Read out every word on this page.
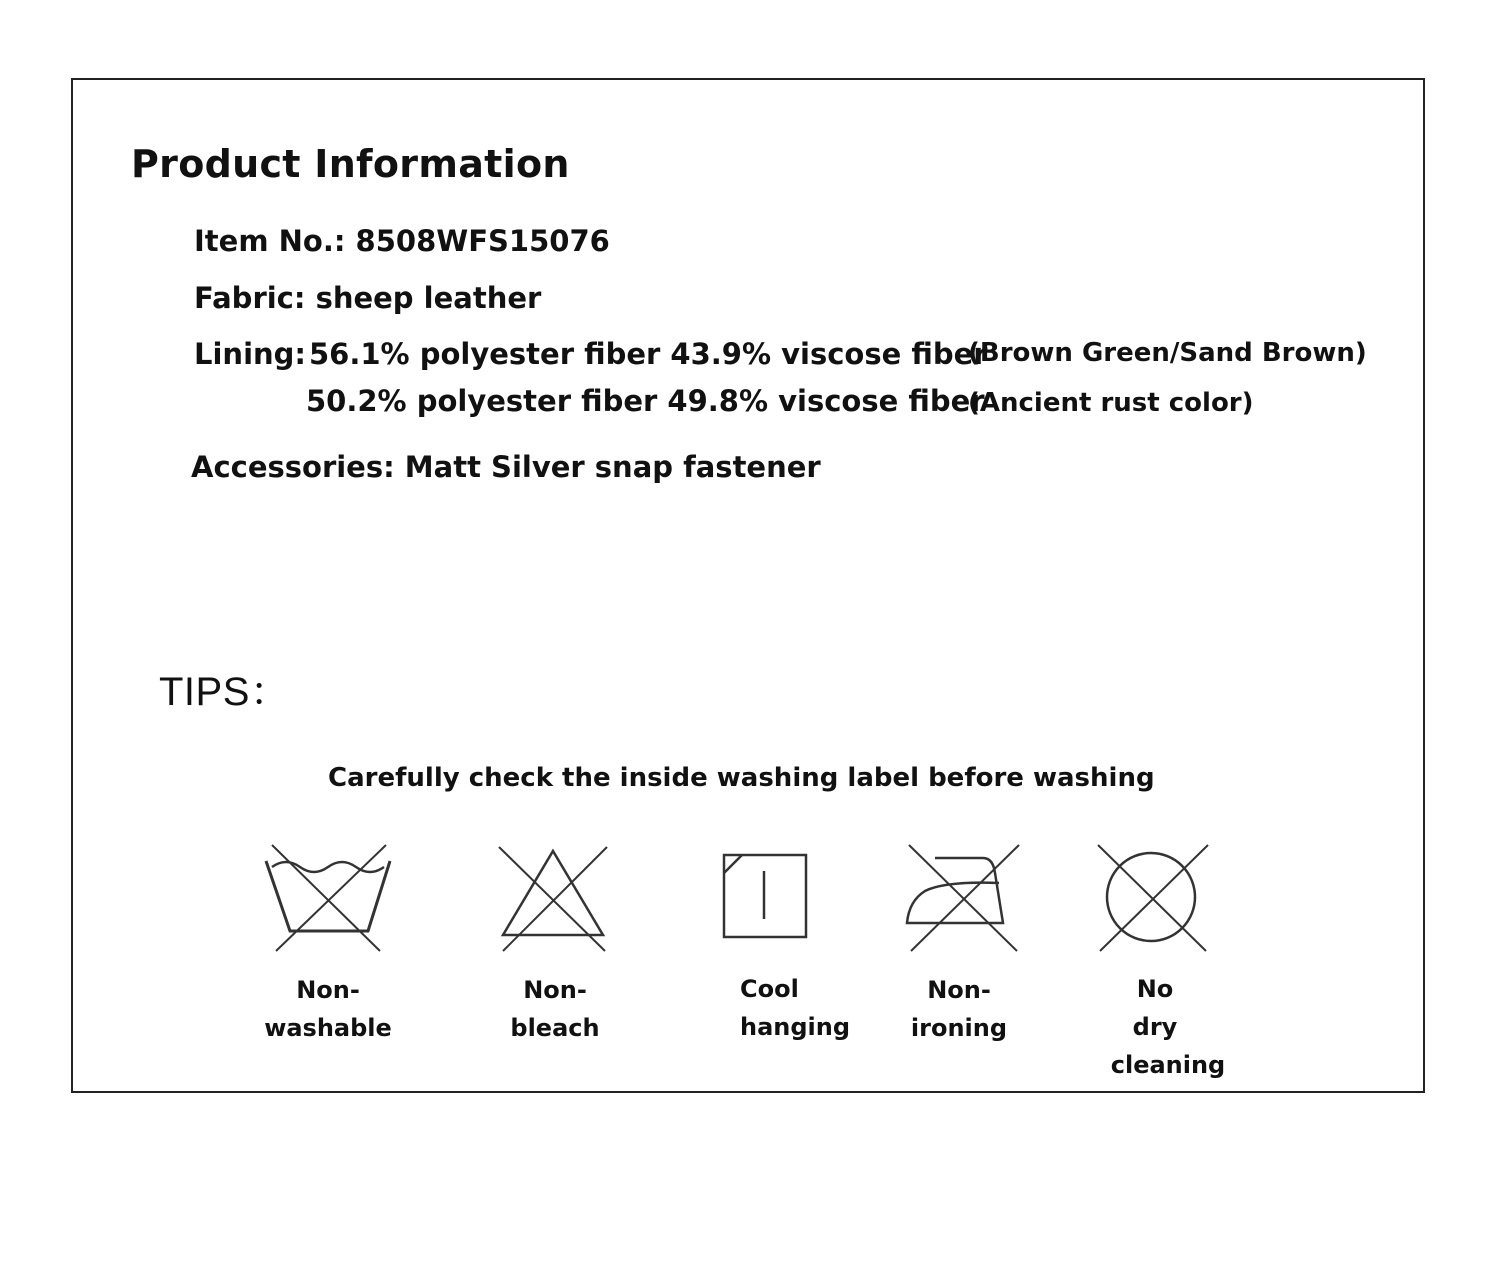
Product Information
Item No.: 8508WFS15076
Fabric: sheep leather
Lining: 56.1% polyester fiber 43.9% viscose fiber
(Brown Green/Sand Brown)
50.2% polyester fiber 49.8% viscose fiber
(Ancient rust color)
Accessories: Matt Silver snap fastener
TIPS：
Carefully check the inside washing label before washing
Non-
washable
Non-
bleach
Cool
hanging
Non-
ironing
No
dry
cleaning
